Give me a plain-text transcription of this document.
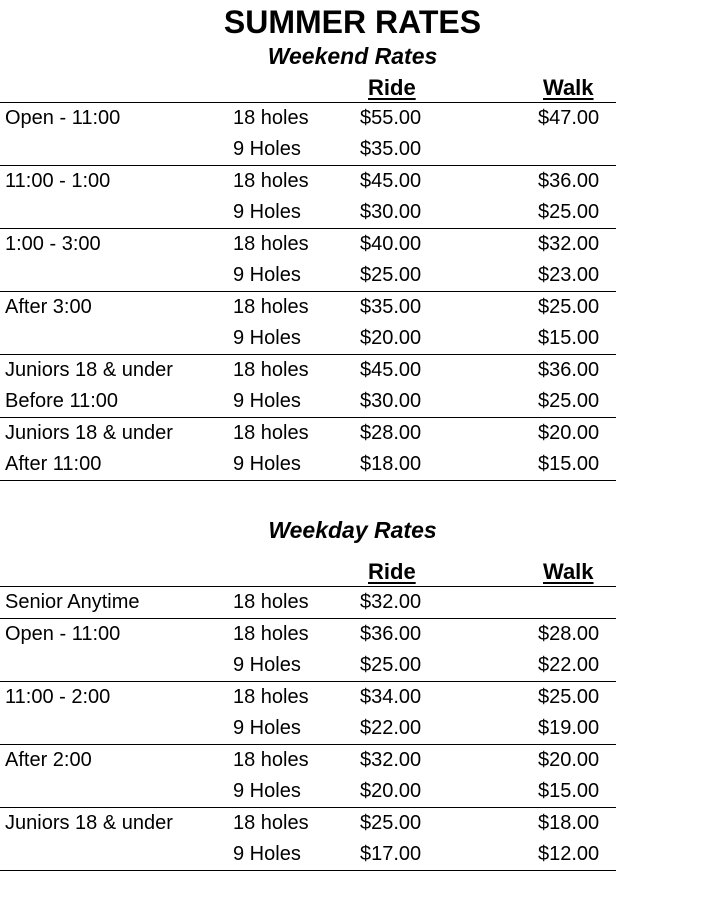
SUMMER RATES
Weekend Rates
Ride	Walk
Open - 11:00	18 holes	$55.00	$47.00
9 Holes	$35.00
11:00 - 1:00	18 holes	$45.00	$36.00
9 Holes	$30.00	$25.00
1:00 - 3:00	18 holes	$40.00	$32.00
9 Holes	$25.00	$23.00
After 3:00	18 holes	$35.00	$25.00
9 Holes	$20.00	$15.00
Juniors 18 & under	18 holes	$45.00	$36.00
Before 11:00	9 Holes	$30.00	$25.00
Juniors 18 & under	18 holes	$28.00	$20.00
After 11:00	9 Holes	$18.00	$15.00
Weekday Rates
Ride	Walk
Senior Anytime	18 holes	$32.00
Open - 11:00	18 holes	$36.00	$28.00
9 Holes	$25.00	$22.00
11:00 - 2:00	18 holes	$34.00	$25.00
9 Holes	$22.00	$19.00
After 2:00	18 holes	$32.00	$20.00
9 Holes	$20.00	$15.00
Juniors 18 & under	18 holes	$25.00	$18.00
9 Holes	$17.00	$12.00
